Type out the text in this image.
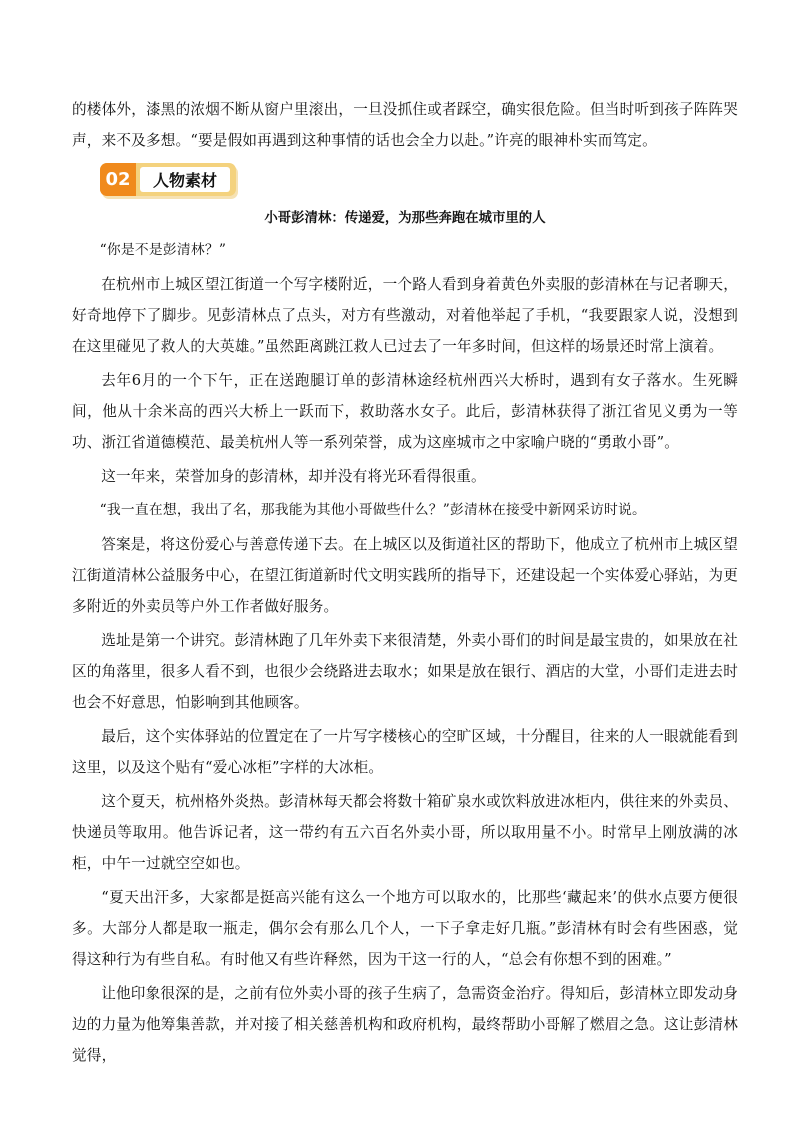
的楼体外，漆黑的浓烟不断从窗户里滚出，一旦没抓住或者踩空，确实很危险。但当时听到孩子阵阵哭声，来不及多想。“要是假如再遇到这种事情的话也会全力以赴。”许亮的眼神朴实而笃定。

02	人物素材
小哥彭清林：传递爱，为那些奔跑在城市里的人

“你是不是彭清林？”

在杭州市上城区望江街道一个写字楼附近，一个路人看到身着黄色外卖服的彭清林在与记者聊天，好奇地停下了脚步。见彭清林点了点头，对方有些激动，对着他举起了手机，“我要跟家人说，没想到在这里碰见了救人的大英雄。”虽然距离跳江救人已过去了一年多时间，但这样的场景还时常上演着。

去年6月的一个下午，正在送跑腿订单的彭清林途经杭州西兴大桥时，遇到有女子落水。生死瞬间，他从十余米高的西兴大桥上一跃而下，救助落水女子。此后，彭清林获得了浙江省见义勇为一等功、浙江省道德模范、最美杭州人等一系列荣誉，成为这座城市之中家喻户晓的“勇敢小哥”。

这一年来，荣誉加身的彭清林，却并没有将光环看得很重。

“我一直在想，我出了名，那我能为其他小哥做些什么？”彭清林在接受中新网采访时说。

答案是，将这份爱心与善意传递下去。在上城区以及街道社区的帮助下，他成立了杭州市上城区望江街道清林公益服务中心，在望江街道新时代文明实践所的指导下，还建设起一个实体爱心驿站，为更多附近的外卖员等户外工作者做好服务。

选址是第一个讲究。彭清林跑了几年外卖下来很清楚，外卖小哥们的时间是最宝贵的，如果放在社区的角落里，很多人看不到，也很少会绕路进去取水；如果是放在银行、酒店的大堂，小哥们走进去时也会不好意思，怕影响到其他顾客。

最后，这个实体驿站的位置定在了一片写字楼核心的空旷区域，十分醒目，往来的人一眼就能看到这里，以及这个贴有“爱心冰柜”字样的大冰柜。

这个夏天，杭州格外炎热。彭清林每天都会将数十箱矿泉水或饮料放进冰柜内，供往来的外卖员、快递员等取用。他告诉记者，这一带约有五六百名外卖小哥，所以取用量不小。时常早上刚放满的冰柜，中午一过就空空如也。

“夏天出汗多，大家都是挺高兴能有这么一个地方可以取水的，比那些‘藏起来’的供水点要方便很多。大部分人都是取一瓶走，偶尔会有那么几个人，一下子拿走好几瓶。”彭清林有时会有些困惑，觉得这种行为有些自私。有时他又有些许释然，因为干这一行的人，“总会有你想不到的困难。”

让他印象很深的是，之前有位外卖小哥的孩子生病了，急需资金治疗。得知后，彭清林立即发动身边的力量为他筹集善款，并对接了相关慈善机构和政府机构，最终帮助小哥解了燃眉之急。这让彭清林觉得，
